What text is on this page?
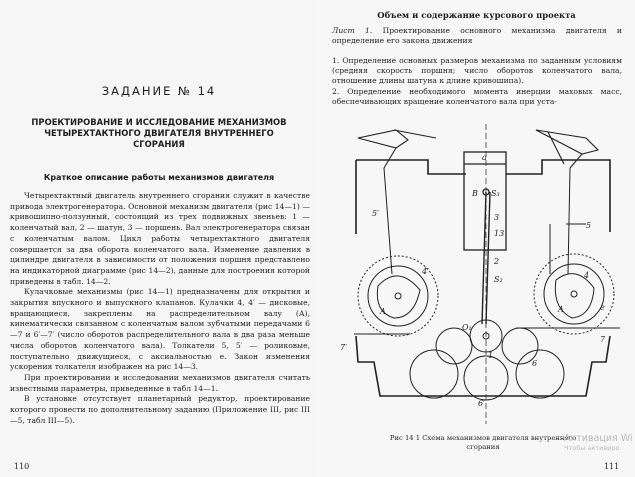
ЗАДАНИЕ № 14
ПРОЕКТИРОВАНИЕ И ИССЛЕДОВАНИЕ МЕХАНИЗМОВ
ЧЕТЫРЕХТАКТНОГО ДВИГАТЕЛЯ ВНУТРЕННЕГО
СГОРАНИЯ
Краткое описание работы механизмов двигателя

Четырехтактный двигатель внутреннего сгорания служит в качестве привода электрогенератора. Основной механизм двигателя (рис 14—1) — кривошипно-ползунный, состоящий из трех подвижных звеньев: 1 — коленчатый вал, 2 — шатун, 3 — поршень. Вал электрогенератора связан с коленчатым валом. Цикл работы четырехтактного двигателя совершается за два оборота коленчатого вала. Изменение давления в цилиндре двигателя в зависимости от положения поршня представлено на индикаторной диаграмме (рис 14—2), данные для построения которой приведены в табл. 14—2.

Кулачковые механизмы (рис 14—1) предназначены для открытия и закрытия впускного и выпускного клапанов. Кулачки 4, 4′ — дисковые, вращающиеся, закреплены на распределительном валу (А), кинематически связанном с коленчатым валом зубчатыми передачами 6—7 и 6′—7′ (число оборотов распределительного вала в два раза меньше числа оборотов коленчатого вала). Толкатели 5, 5′ — роликовые, поступательно движущиеся, с аксиальностью е. Закон изменения ускорения толкателя изображен на рис 14—3.

При проектировании и исследовании механизмов двигателя считать известными параметры, приведенные в табл 14—1.

В установке отсутствует планетарный редуктор, проектирование которого провести по дополнительному заданию (Приложение III, рис III—5, табл III—5).

110
Объем и содержание курсового проекта
Лист 1. Проектирование основного механизма двигателя и определение его закона движения

1. Определение основных размеров механизма по заданным условиям (средняя скорость поршня; число оборотов коленчатого вала, отношение длины шатуна к длине кривошипа).

2. Определение необходимого момента инерции маховых масс, обеспечивающих вращение коленчатого вала при уста-

a
B S₃
3
13
2
S₂
5′
5
4′	4
A	A
7
7′
6
6′
1
O₁
e
Рис 14 1 Схема механизмов двигателя внутреннего
сгорания
111
Активация Wi
Чтобы активиро
